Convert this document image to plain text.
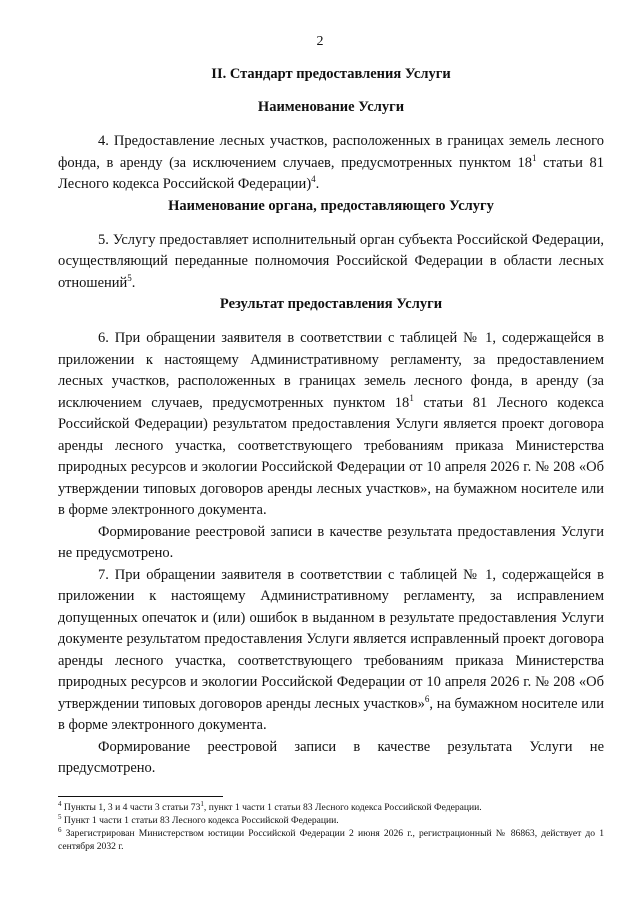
2
II. Стандарт предоставления Услуги
Наименование Услуги

4. Предоставление лесных участков, расположенных в границах земель лесного фонда, в аренду (за исключением случаев, предусмотренных пунктом $18^1$ статьи 81 Лесного кодекса Российской Федерации)$^4$.

Наименование органа, предоставляющего Услугу

5. Услугу предоставляет исполнительный орган субъекта Российской Федерации, осуществляющий переданные полномочия Российской Федерации в области лесных отношений$^5$.

Результат предоставления Услуги

6. При обращении заявителя в соответствии с таблицей № 1, содержащейся в приложении к настоящему Административному регламенту, за предоставлением лесных участков, расположенных в границах земель лесного фонда, в аренду (за исключением случаев, предусмотренных пунктом $18^1$ статьи 81 Лесного кодекса Российской Федерации) результатом предоставления Услуги является проект договора аренды лесного участка, соответствующего требованиям приказа Министерства природных ресурсов и экологии Российской Федерации от 10 апреля 2026 г. № 208 «Об утверждении типовых договоров аренды лесных участков», на бумажном носителе или в форме электронного документа.

Формирование реестровой записи в качестве результата предоставления Услуги не предусмотрено.

7. При обращении заявителя в соответствии с таблицей № 1, содержащейся в приложении к настоящему Административному регламенту, за исправлением допущенных опечаток и (или) ошибок в выданном в результате предоставления Услуги документе результатом предоставления Услуги является исправленный проект договора аренды лесного участка, соответствующего требованиям приказа Министерства природных ресурсов и экологии Российской Федерации от 10 апреля 2026 г. № 208 «Об утверждении типовых договоров аренды лесных участков»$^6$, на бумажном носителе или в форме электронного документа.

Формирование реестровой записи в качестве результата Услуги не предусмотрено.

$^4$ Пункты 1, 3 и 4 части 3 статьи $73^1$, пункт 1 части 1 статьи 83 Лесного кодекса Российской Федерации.

$^5$ Пункт 1 части 1 статьи 83 Лесного кодекса Российской Федерации.

$^6$ Зарегистрирован Министерством юстиции Российской Федерации 2 июня 2026 г., регистрационный № 86863, действует до 1 сентября 2032 г.
